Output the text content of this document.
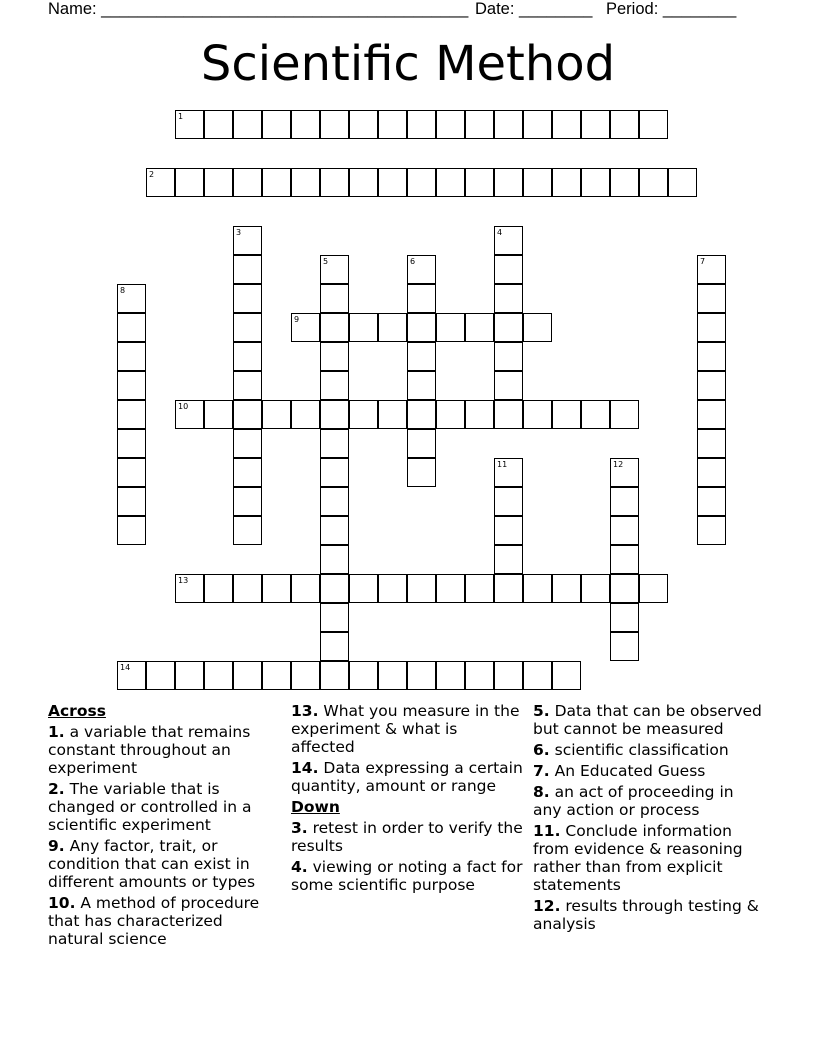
Name: ________________________________________ Date: ________ Period: ________
Scientific Method
1
2
3	4
5	6	7
8
9
10
11	12
13
14
Across
1. a variable that remains constant throughout an experiment
2. The variable that is changed or controlled in a scientific experiment
9. Any factor, trait, or condition that can exist in different amounts or types
10. A method of procedure that has characterized natural science
13. What you measure in the experiment & what is affected
14. Data expressing a certain quantity, amount or range
Down
3. retest in order to verify the results
4. viewing or noting a fact for some scientific purpose
5. Data that can be observed but cannot be measured
6. scientific classification
7. An Educated Guess
8. an act of proceeding in any action or process
11. Conclude information from evidence & reasoning rather than from explicit statements
12. results through testing & analysis
